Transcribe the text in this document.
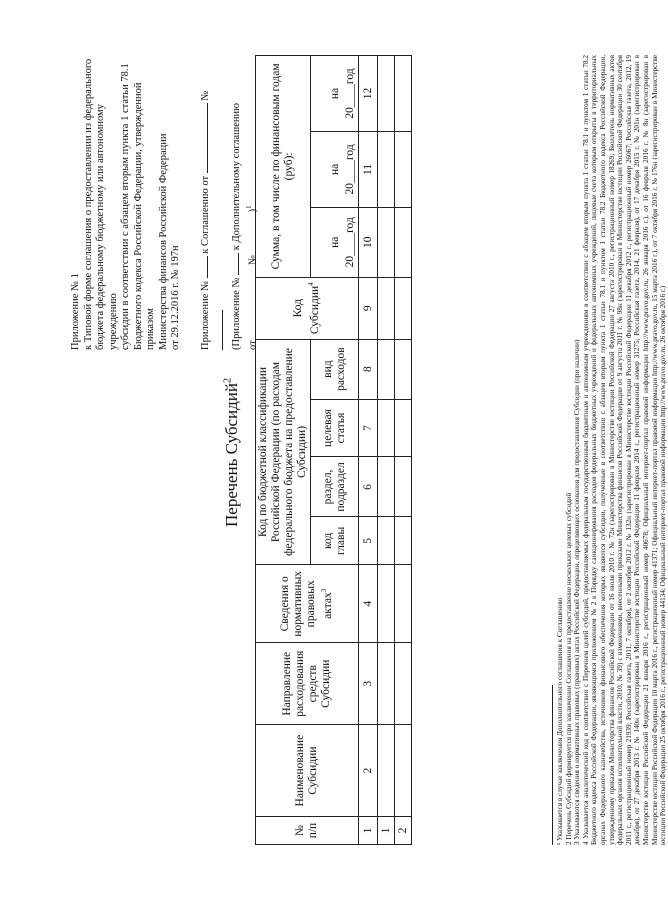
Приложение № 1 к Типовой форме соглашения о предоставлении из федерального бюджета федеральному бюджетному или автономному учреждению субсидии в соответствии с абзацем вторым пункта 1 статьи 78.1 Бюджетного кодекса Российской Федерации, утвержденной приказом Министерства финансов Российской Федерации от 29.12.2016 г. № 197н Приложение №  к Соглашению от  №

(Приложение №  к Дополнительному соглашению

от  № )$^1$

Перечень Субсидий$^2$
№ п/п	Наименование Субсидии	Направление расходования средств Субсидии	Сведения о нормативных правовых актах$^3$	Код по бюджетной классификации Российской Федерации (по расходам федерального бюджета на предоставление Субсидии)				Код Субсидии$^4$	Сумма, в том числе по финансовым годам (руб):		
				код главы	раздел, подраздел	целевая статья	вид расходов		на	на	на
									20____год	20____год	20____год
1	2	3	4	5	6	7	8	9	10	11	12
1											
2												¹ Указывается в случае заключения Дополнительного соглашения к Соглашению 2 Перечень Субсидий формируется при заключении Соглашения на предоставление нескольких целевых субсидий 3 Указываются сведения о нормативных правовых (правовых) актах Российской Федерации, определяющих основания для предоставления Субсидии (при наличии) 4 Указывается аналитический код в соответствии с Перечнем целей субсидий, предоставляемых федеральным государственным бюджетным и автономным учреждениям в соответствии с абзацем вторым пункта 1 статьи 78.1 и пунктом 1 статьи 78.2 Бюджетного кодекса Российской Федерации, являющимся приложением № 2 к Порядку санкционирования расходов федеральных бюджетных учреждений и федеральных автономных учреждений, лицевые счета которым открыты в территориальных органах Федерального казначейства, источником финансового обеспечения которых являются субсидии, полученные в соответствии с абзацем вторым пункта 1 статьи 78.1 и пунктом 1 статьи 78.2 Бюджетного кодекса Российской Федерации, утвержденному приказом Министерства финансов Российской Федерации от 16 июля 2010 г. № 72н (зарегистрирован в Министерстве юстиции Российской Федерации 27 августа 2010 г., регистрационный номер 18269; Бюллетень нормативных актов федеральных органов исполнительной власти, 2010, № 39) с изменениями, внесенными приказами Министерства финансов Российской Федерации от 9 августа 2011 г. № 98н (зарегистрирован в Министерстве юстиции Российской Федерации 30 сентября 2011 г., регистрационный номер 21939; Российская газета, 2011, 7 октября), от 2 октября 2012 г. № 132н (зарегистрирован в Министерстве юстиции Российской Федерации 11 декабря 2012 г., регистрационный номер 26067; Российская газета, 2012, 19 декабря), от 27 декабря 2013 г. № 140н (зарегистрирован в Министерстве юстиции Российской Федерации 11 февраля 2014 г., регистрационный номер 31275; Российская газета, 2014, 21 февраля), от 17 декабря 2015 г. № 201н (зарегистрирован в Министерстве юстиции Российской Федерации 21 января 2016 г., регистрационный номер 40678; Официальный интернет-портал правовой информации http://www.pravo.gov.ru, 26 января 2016 г.), от 16 февраля 2016 г. № 8н (зарегистрирован в Министерстве юстиции Российской Федерации 10 марта 2016 г., регистрационный номер 41371; Официальный интернет-портал правовой информации http://www.pravo.gov.ru, 15 марта 2016 г.), от 7 октября 2016 г. № 176н (зарегистрирован в Министерстве юстиции Российской Федерации 25 октября 2016 г., регистрационный номер 44134; Официальный интернет-портал правовой информации http://www.pravo.gov.ru, 26 октября 2016 г.)
